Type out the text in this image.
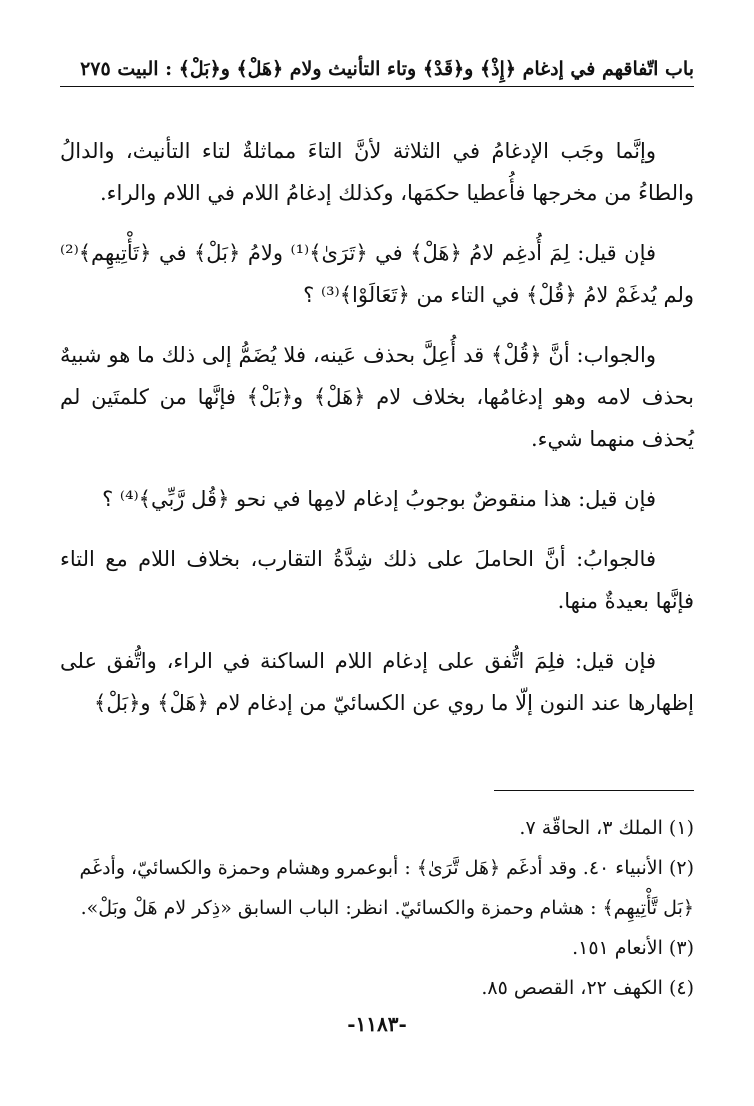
باب اتّفاقهم في إدغام ﴿إِذْ﴾ و﴿قَدْ﴾ وتاء التأنيث ولام ﴿هَلْ﴾ و﴿بَلْ﴾ : البيت ٢٧٥

وإنَّما وجَب الإدغامُ في الثلاثة لأنَّ التاءَ مماثلةٌ لتاء التأنيث، والدالُ والطاءُ من مخرجها فأُعطيا حكمَها، وكذلك إدغامُ اللام في اللام والراء.

فإن قيل: لِمَ أُدغِم لامُ ﴿هَلْ﴾ في ﴿تَرَىٰ﴾⁽¹⁾ ولامُ ﴿بَلْ﴾ في ﴿تَأْتِيهِم﴾⁽²⁾ ولم يُدغَمْ لامُ ﴿قُلْ﴾ في التاء من ﴿تَعَالَوْا﴾⁽³⁾ ؟

والجواب: أنَّ ﴿قُلْ﴾ قد أُعِلَّ بحذف عَينه، فلا يُضَمُّ إلى ذلك ما هو شبيهٌ بحذف لامه وهو إدغامُها، بخلاف لام ﴿هَلْ﴾ و﴿بَلْ﴾ فإنَّها من كلمتَين لم يُحذف منهما شيء.

فإن قيل: هذا منقوضٌ بوجوبُ إدغام لامِها في نحو ﴿قُل رَّبِّي﴾⁽⁴⁾ ؟

فالجوابُ: أنَّ الحاملَ على ذلك شِدَّةُ التقارب، بخلاف اللام مع التاء فإنَّها بعيدةٌ منها.

فإن قيل: فلِمَ اتُّفق على إدغام اللام الساكنة في الراء، واتُّفق على إظهارها عند النون إلّا ما روي عن الكسائيّ من إدغام لام ﴿هَلْ﴾ و﴿بَلْ﴾

(١) الملك ٣، الحاقّة ٧.

(٢) الأنبياء ٤٠. وقد أدغَم ﴿هَل تَّرَىٰ﴾ : أبوعمرو وهشام وحمزة والكسائيّ، وأدغَم ﴿بَل تَّأْتِيهِم﴾ : هشام وحمزة والكسائيّ. انظر: الباب السابق «ذِكر لام هَلْ وبَلْ».

(٣) الأنعام ١٥١.

(٤) الكهف ٢٢، القصص ٨٥.

-١١٨٣-
